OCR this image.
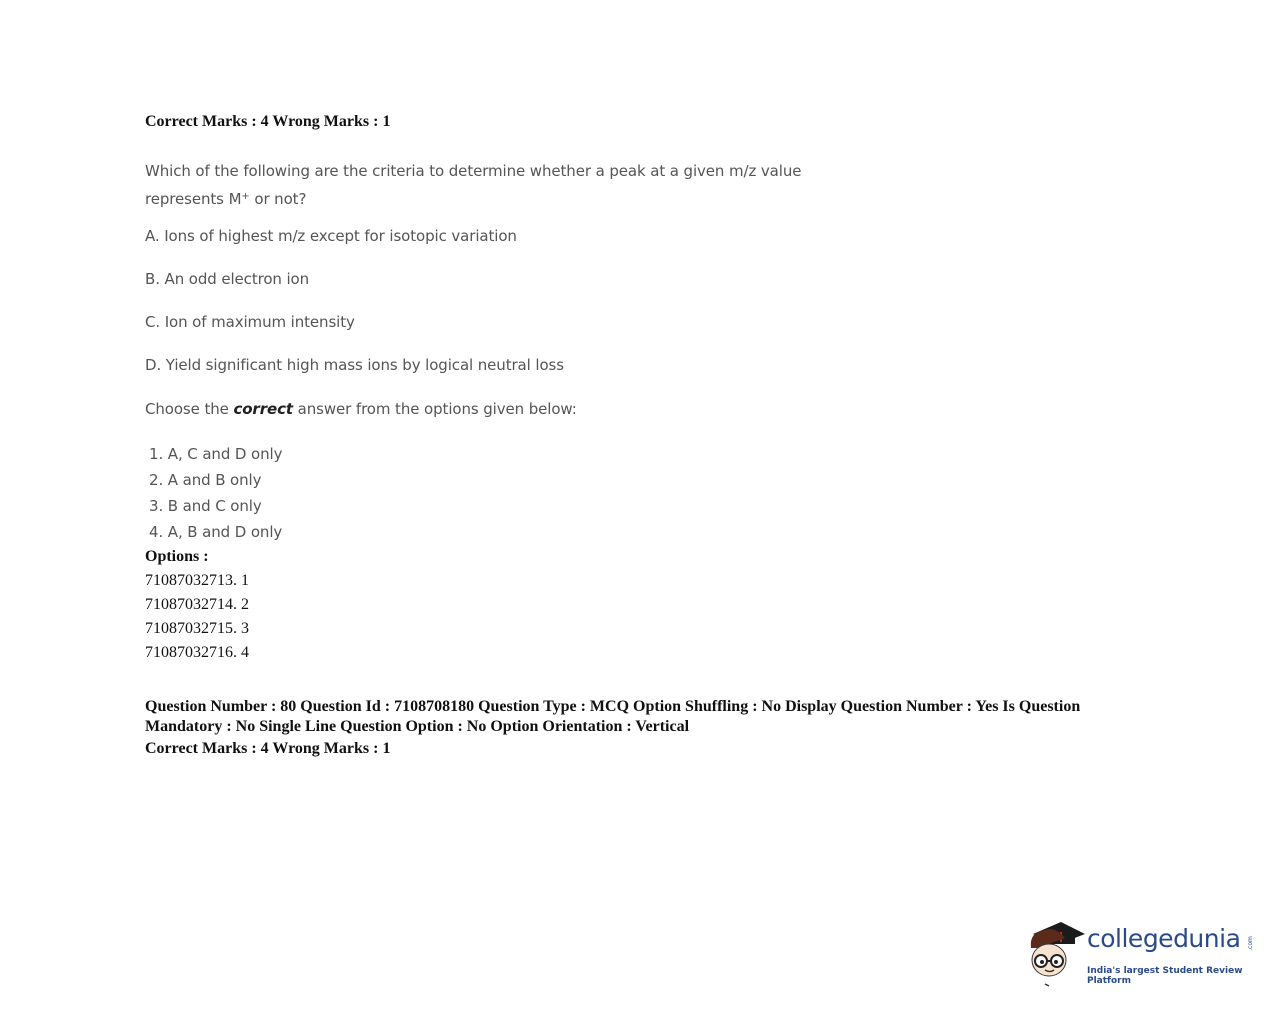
Correct Marks : 4 Wrong Marks : 1
Which of the following are the criteria to determine whether a peak at a given m/z value
represents M+ or not?
A. Ions of highest m/z except for isotopic variation
B. An odd electron ion
C. Ion of maximum intensity
D. Yield significant high mass ions by logical neutral loss
Choose the correct answer from the options given below:
1. A, C and D only
2. A and B only
3. B and C only
4. A, B and D only
Options :
71087032713. 1
71087032714. 2
71087032715. 3
71087032716. 4
Question Number : 80 Question Id : 7108708180 Question Type : MCQ Option Shuffling : No Display Question Number : Yes Is Question Mandatory : No Single Line Question Option : No Option Orientation : Vertical
Correct Marks : 4 Wrong Marks : 1
collegedunia .com
India's largest Student Review Platform
